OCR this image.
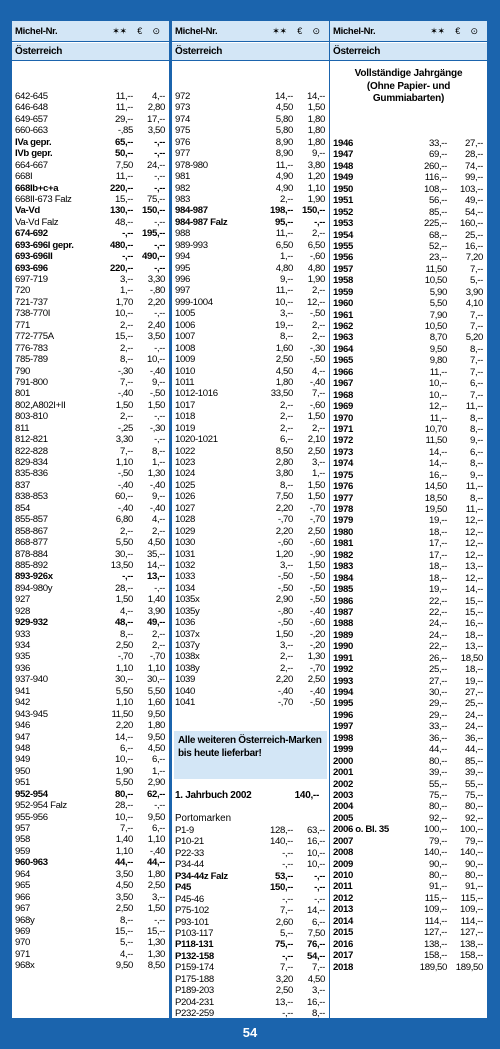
Michel-Nr.	✶✶ € ⊙
Österreich
642-645	11,--	4,--
646-648	11,--	2,80
649-657	29,--	17,--
660-663	-,85	3,50
IVa gepr.	65,--	-,--
IVb gepr.	50,--	-,--
664-667	7,50	24,--
668I	11,--	-,--
668Ib+c+a	220,--	-,--
668II-673 Falz	15,--	75,--
Va-Vd	130,-- 150,--
Va-Vd Falz	48,--	-,--
674-692	-,-- 195,--
693-696I gepr.	480,--	-,--
693-696II	-,-- 490,--
693-696	220,--	-,--
697-719	3,--	3,30
720	1,--	-,80
721-737	1,70	2,20
738-770I	10,--	-,--
771	2,--	2,40
772-775A	15,--	3,50
776-783	2,--	-,--
785-789	8,--	10,--
790	-,30	-,40
791-800	7,--	9,--
801	-,40	-,50
802,A802I+II	1,50	1,50
803-810	2,--	-,--
811	-,25	-,30
812-821	3,30	-,--
822-828	7,--	8,--
829-834	1,10	1,--
835-836	-,50	1,30
837	-,40	-,40
838-853	60,--	9,--
854	-,40	-,40
855-857	6,80	4,--
858-867	2,--	2,--
868-877	5,50	4,50
878-884	30,--	35,--
885-892	13,50	14,--
893-926x	-,--	13,--
894-980y	28,--	-,--
927	1,50	1,40
928	4,--	3,90
929-932	48,--	49,--
933	8,--	2,--
934	2,50	2,--
935	-,70	-,70
936	1,10	1,10
937-940	30,--	30,--
941	5,50	5,50
942	1,10	1,60
943-945	11,50	9,50
946	2,20	1,80
947	14,--	9,50
948	6,--	4,50
949	10,--	6,--
950	1,90	1,--
951	5,50	2,90
952-954	80,--	62,--
952-954 Falz	28,--	-,--
955-956	10,--	9,50
957	7,--	6,--
958	1,40	1,10
959	1,10	-,40
960-963	44,--	44,--
964	3,50	1,80
965	4,50	2,50
966	3,50	3,--
967	2,50	1,50
968y	8,--	-,--
969	15,--	15,--
970	5,--	1,30
971	4,--	1,30
968x	9,50	8,50
Michel-Nr.	✶✶ € ⊙
Österreich
972	14,--	14,--
973	4,50	1,50
974	5,80	1,80
975	5,80	1,80
976	8,90	1,80
977	8,90	9,--
978-980	11,--	3,80
981	4,90	1,20
982	4,90	1,10
983	2,--	1,90
984-987	198,-- 150,--
984-987 Falz	95,--	-,--
988	11,--	2,--
989-993	6,50	6,50
994	1,--	-,60
995	4,80	4,80
996	9,--	1,90
997	11,--	2,--
999-1004	10,--	12,--
1005	3,--	-,50
1006	19,--	2,--
1007	8,--	2,--
1008	1,60	-,30
1009	2,50	-,50
1010	4,50	4,--
1011	1,80	-,40
1012-1016	33,50	7,--
1017	2,--	-,60
1018	2,--	1,50
1019	2,--	2,--
1020-1021	6,--	2,10
1022	8,50	2,50
1023	2,80	3,--
1024	3,80	1,--
1025	8,--	1,50
1026	7,50	1,50
1027	2,20	-,70
1028	-,70	-,70
1029	2,20	2,50
1030	-,60	-,60
1031	1,20	-,90
1032	3,--	1,50
1033	-,50	-,50
1034	-,50	-,50
1035x	2,90	-,50
1035y	-,80	-,40
1036	-,50	-,60
1037x	1,50	-,20
1037y	3,--	-,20
1038x	2,--	1,30
1038y	2,--	-,70
1039	2,20	2,50
1040	-,40	-,40
1041	-,70	-,50
Alle weiteren Österreich-Marken bis heute lieferbar!
1. Jahrbuch 2002	140,--
Portomarken
P1-9	128,--	63,--
P10-21	140,--	16,--
P22-33	-,--	10,--
P34-44	-,--	10,--
P34-44z Falz	53,--	-,--
P45	150,--	-,--
P45-46	-,--	-,--
P75-102	7,--	14,--
P93-101	2,60	6,--
P103-117	5,--	7,50
P118-131	75,--	76,--
P132-158	-,--	54,--
P159-174	7,--	7,--
P175-188	3,20	4,50
P189-203	2,50	3,--
P204-231	13,--	16,--
P232-259	-,--	8,--
Michel-Nr.	✶✶ € ⊙
Österreich
Vollständige Jahrgänge
(Ohne Papier- und
Gummiabarten)
1946	33,--	27,--
1947	69,--	28,--
1948	260,--	74,--
1949	116,--	99,--
1950	108,--	103,--
1951	56,--	49,--
1952	85,--	54,--
1953	225,--	160,--
1954	68,--	25,--
1955	52,--	16,--
1956	23,--	7,20
1957	11,50	7,--
1958	10,50	5,--
1959	5,90	3,90
1960	5,50	4,10
1961	7,90	7,--
1962	10,50	7,--
1963	8,70	5,20
1964	9,50	8,--
1965	9,80	7,--
1966	11,--	7,--
1967	10,--	6,--
1968	10,--	7,--
1969	12,--	11,--
1970	11,--	8,--
1971	10,70	8,--
1972	11,50	9,--
1973	14,--	6,--
1974	14,--	8,--
1975	16,--	9,--
1976	14,50	11,--
1977	18,50	8,--
1978	19,50	11,--
1979	19,--	12,--
1980	18,--	12,--
1981	17,--	12,--
1982	17,--	12,--
1983	18,--	13,--
1984	18,--	12,--
1985	19,--	14,--
1986	22,--	15,--
1987	22,--	15,--
1988	24,--	16,--
1989	24,--	18,--
1990	22,--	13,--
1991	26,--	18,50
1992	25,--	18,--
1993	27,--	19,--
1994	30,--	27,--
1995	29,--	25,--
1996	29,--	24,--
1997	33,--	24,--
1998	36,--	36,--
1999	44,--	44,--
2000	80,--	85,--
2001	39,--	39,--
2002	55,--	55,--
2003	75,--	75,--
2004	80,--	80,--
2005	92,--	92,--
2006 o. Bl. 35	100,--	100,--
2007	79,--	79,--
2008	140,--	140,--
2009	90,--	90,--
2010	80,--	80,--
2011	91,--	91,--
2012	115,--	115,--
2013	109,--	109,--
2014	114,--	114,--
2015	127,--	127,--
2016	138,--	138,--
2017	158,--	158,--
2018	189,50 189,50
54
